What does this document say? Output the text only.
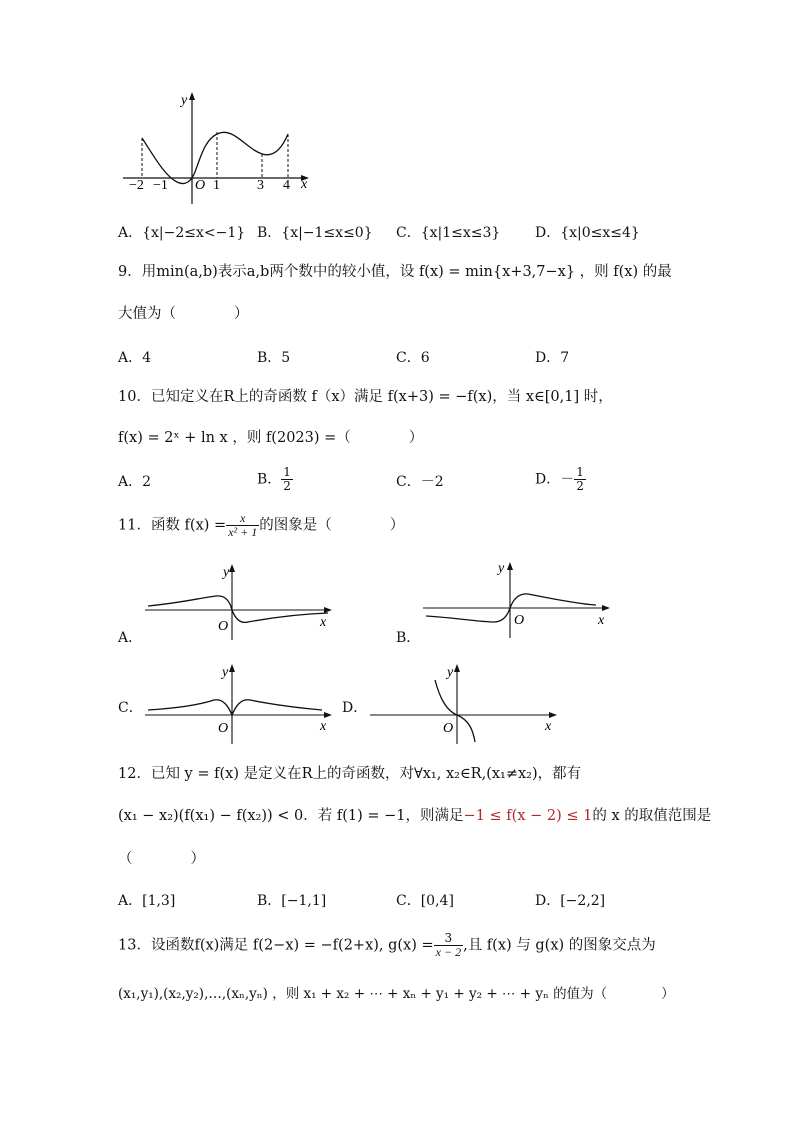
y
x
O
−2 −1	1	3 4
A．{x|−2≤x<−1} B．{x|−1≤x≤0} C．{x|1≤x≤3} D．{x|0≤x≤4}
9．用min(a,b)表示a,b两个数中的较小值，设 f(x) = min{x+3,7−x} ，则 f(x) 的最
大值为（　　　　）
A．4	B．5	C．6	D．7
10．已知定义在R上的奇函数 f（x）满足 f(x+3) = −f(x)，当 x∈[0,1] 时，
f(x) = 2ˣ + ln x ，则 f(2023) =（　　　　）
A．2	B． $\frac{1}{2}$	C．－2	D．－ $\frac{1}{2}$
11．函数 $f(x) = \frac{x}{\text{x² + 1}}$ 的图象是（　　　　）
A．
y
x
O
B．
y
x
O
C．
y
x
O
D．
y
x
O
12．已知 y = f(x) 是定义在R上的奇函数，对∀x₁, x₂∈R,(x₁≠x₂)，都有
(x₁ − x₂)(f(x₁) − f(x₂)) < 0．若 f(1) = −1，则满足−1 ≤ f(x − 2) ≤ 1的 x 的取值范围是
（　　　　）
A．[1,3]	B．[−1,1]	C．[0,4]	D．[−2,2]
13．设函数f(x)满足 f(2−x) = −f(2+x), $g(x) = \frac{3}{x - 2}$ ,且 f(x) 与 g(x) 的图象交点为
(x₁,y₁),(x₂,y₂),…,(xₙ,yₙ) ，则 x₁ + x₂ + ⋯ + xₙ + y₁ + y₂ + ⋯ + yₙ 的值为（　　　　）
